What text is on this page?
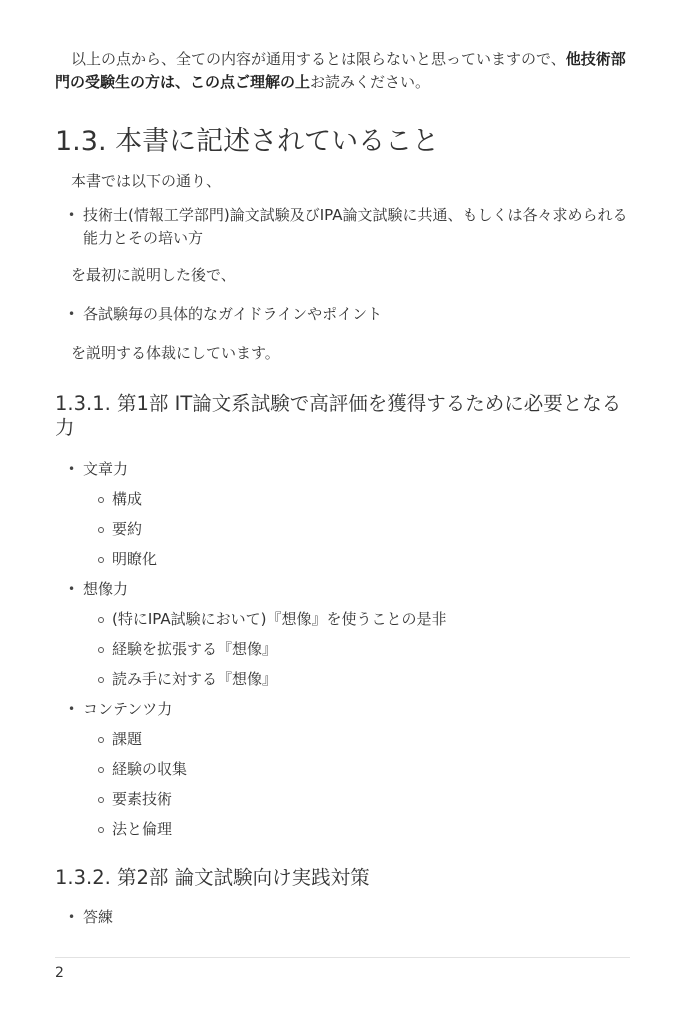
以上の点から、全ての内容が通用するとは限らないと思っていますので、他技術部門の受験生の方は、この点ご理解の上お読みください。

1.3. 本書に記述されていること

本書では以下の通り、

• 技術士(情報工学部門)論文試験及びIPA論文試験に共通、もしくは各々求められる能力とその培い方

を最初に説明した後で、

• 各試験毎の具体的なガイドラインやポイント

を説明する体裁にしています。

1.3.1. 第1部 IT論文系試験で高評価を獲得するために必要となる力
• 文章力
構成
要約
明瞭化
• 想像力
(特にIPA試験において)『想像』を使うことの是非
経験を拡張する『想像』
読み手に対する『想像』
• コンテンツ力
課題
経験の収集
要素技術
法と倫理
1.3.2. 第2部 論文試験向け実践対策
• 答練
2
